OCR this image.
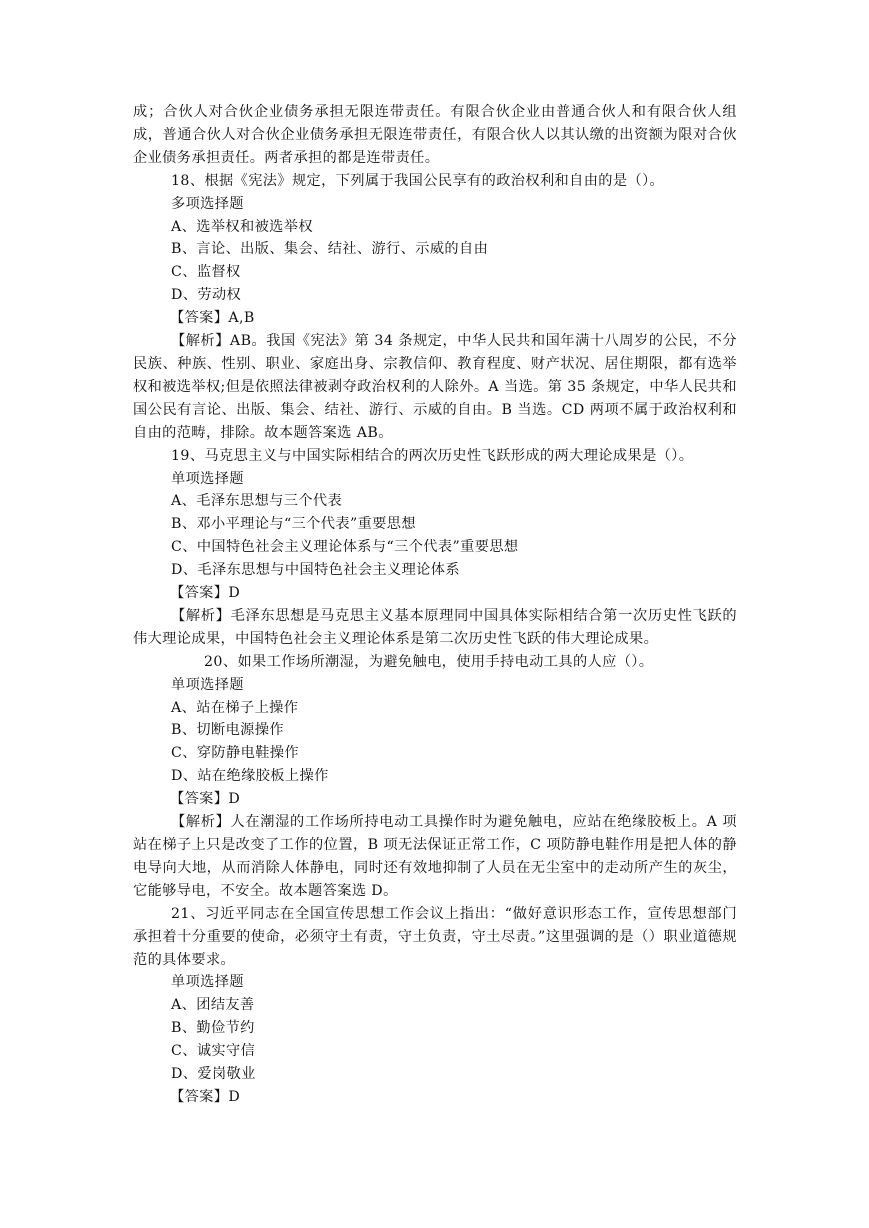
成；合伙人对合伙企业债务承担无限连带责任。有限合伙企业由普通合伙人和有限合伙人组成，普通合伙人对合伙企业债务承担无限连带责任，有限合伙人以其认缴的出资额为限对合伙企业债务承担责任。两者承担的都是连带责任。
18、根据《宪法》规定，下列属于我国公民享有的政治权利和自由的是（）。
多项选择题
A、选举权和被选举权
B、言论、出版、集会、结社、游行、示威的自由
C、监督权
D、劳动权
【答案】A,B
【解析】AB。我国《宪法》第 34 条规定，中华人民共和国年满十八周岁的公民，不分民族、种族、性别、职业、家庭出身、宗教信仰、教育程度、财产状况、居住期限，都有选举权和被选举权;但是依照法律被剥夺政治权利的人除外。A 当选。第 35 条规定，中华人民共和国公民有言论、出版、集会、结社、游行、示威的自由。B 当选。CD 两项不属于政治权利和自由的范畴，排除。故本题答案选 AB。
19、马克思主义与中国实际相结合的两次历史性飞跃形成的两大理论成果是（）。
单项选择题
A、毛泽东思想与三个代表
B、邓小平理论与“三个代表”重要思想
C、中国特色社会主义理论体系与“三个代表”重要思想
D、毛泽东思想与中国特色社会主义理论体系
【答案】D
【解析】毛泽东思想是马克思主义基本原理同中国具体实际相结合第一次历史性飞跃的伟大理论成果，中国特色社会主义理论体系是第二次历史性飞跃的伟大理论成果。
20、如果工作场所潮湿，为避免触电，使用手持电动工具的人应（）。
单项选择题
A、站在梯子上操作
B、切断电源操作
C、穿防静电鞋操作
D、站在绝缘胶板上操作
【答案】D
【解析】人在潮湿的工作场所持电动工具操作时为避免触电，应站在绝缘胶板上。A 项站在梯子上只是改变了工作的位置，B 项无法保证正常工作，C 项防静电鞋作用是把人体的静电导向大地，从而消除人体静电，同时还有效地抑制了人员在无尘室中的走动所产生的灰尘，它能够导电，不安全。故本题答案选 D。
21、习近平同志在全国宣传思想工作会议上指出：“做好意识形态工作，宣传思想部门承担着十分重要的使命，必须守土有责，守土负责，守土尽责。”这里强调的是（）职业道德规范的具体要求。
单项选择题
A、团结友善
B、勤俭节约
C、诚实守信
D、爱岗敬业
【答案】D
